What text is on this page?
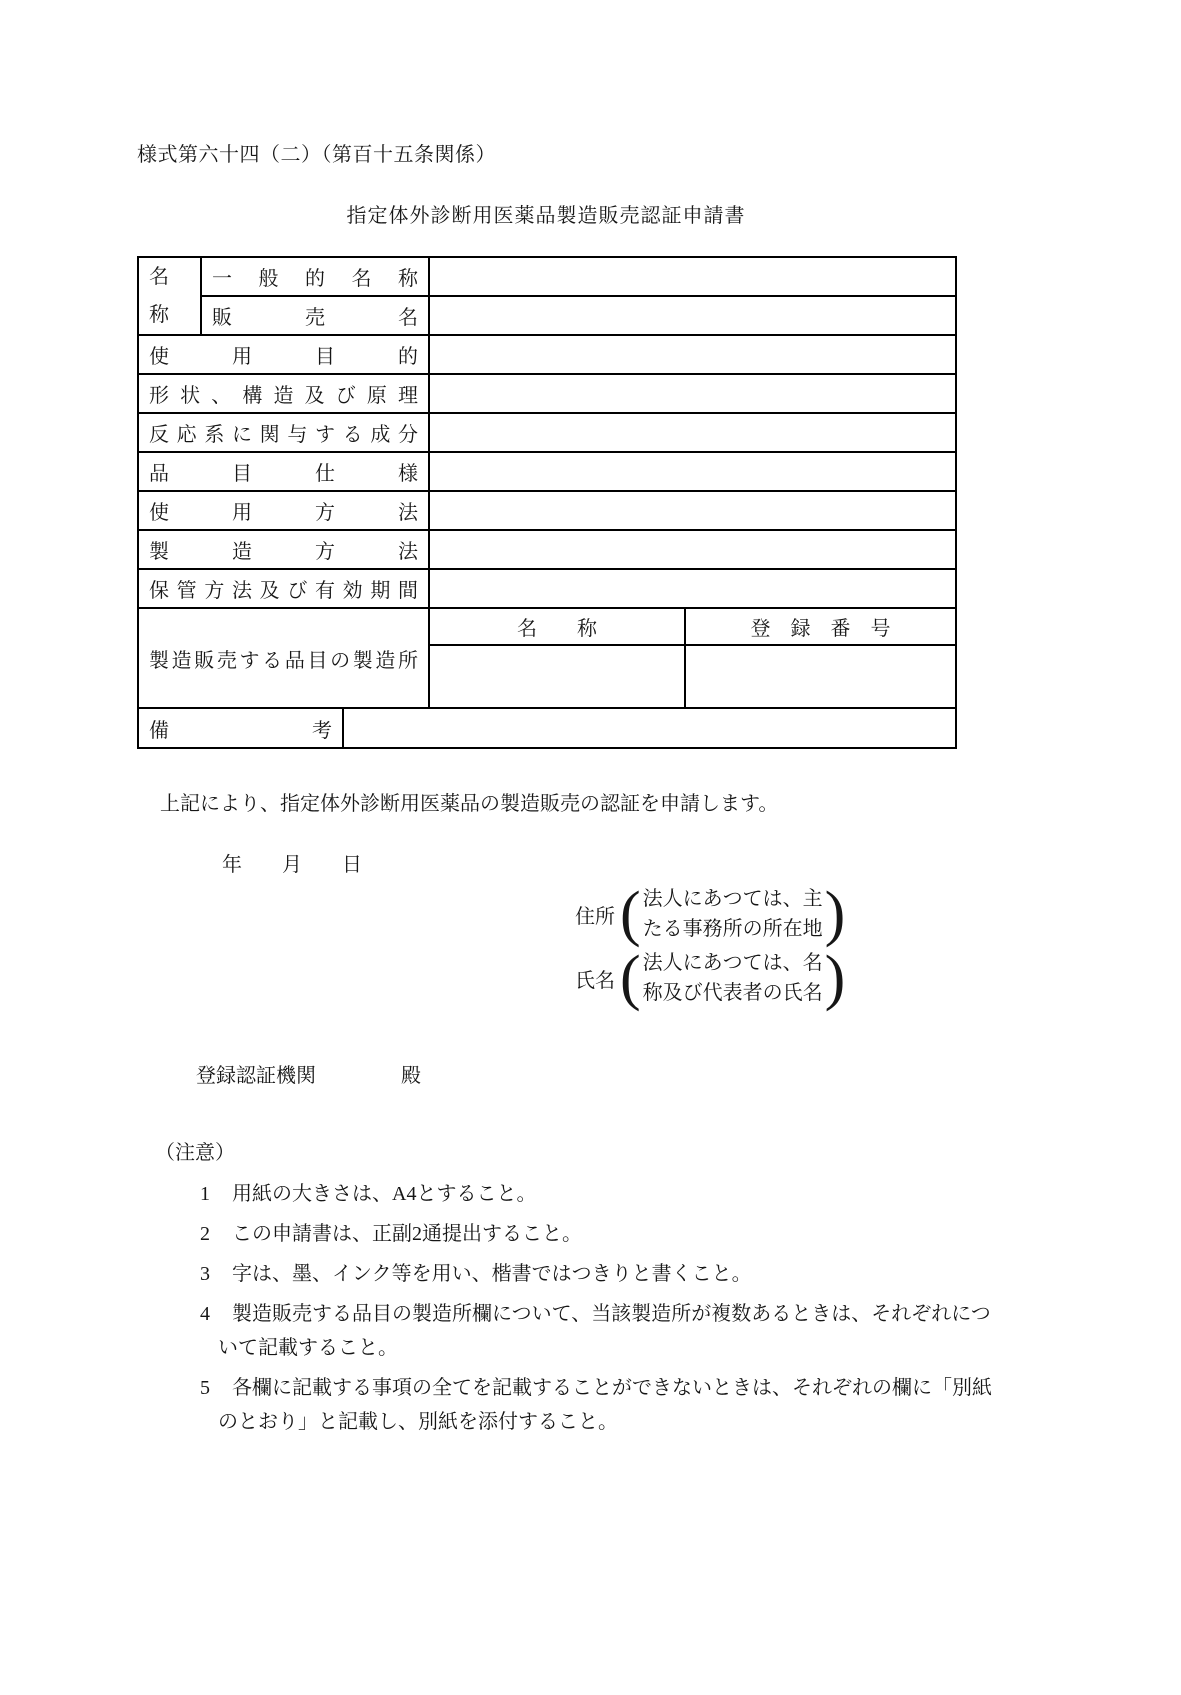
様式第六十四（二）（第百十五条関係）
指定体外診断用医薬品製造販売認証申請書
名称	一般的名称			
	販売名			
使用目的				
形状、構造及び原理				
反応系に関与する成分				
品目仕様				
使用方法				
製造方法				
保管方法及び有効期間				
製造販売する品目の製造所			名　　称	登　録　番　号

備考				
上記により、指定体外診断用医薬品の製造販売の認証を申請します。
年　　月　　日
住所 ( 法人にあつては、主
たる事務所の所在地 )
氏名 ( 法人にあつては、名
称及び代表者の氏名 )
登録認証機関	殿
（注意）
1 用紙の大きさは、A4とすること。
2 この申請書は、正副2通提出すること。
3 字は、墨、インク等を用い、楷書ではつきりと書くこと。
4 製造販売する品目の製造所欄について、当該製造所が複数あるときは、それぞれについて記載すること。
5 各欄に記載する事項の全てを記載することができないときは、それぞれの欄に「別紙のとおり」と記載し、別紙を添付すること。
